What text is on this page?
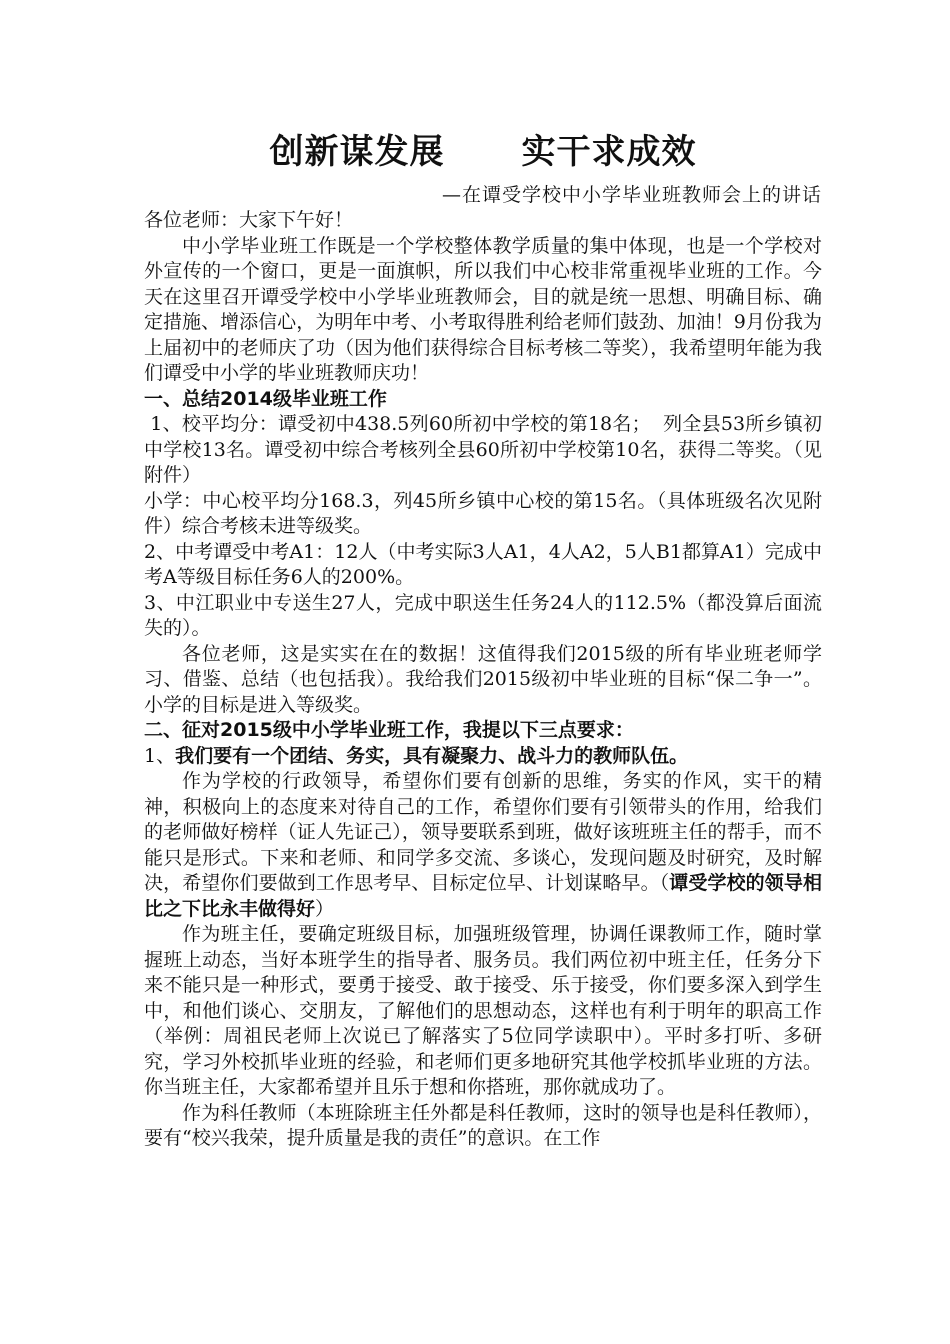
创新谋发展      实干求成效
—在谭受学校中小学毕业班教师会上的讲话

各位老师：大家下午好！

中小学毕业班工作既是一个学校整体教学质量的集中体现，也是一个学校对外宣传的一个窗口，更是一面旗帜，所以我们中心校非常重视毕业班的工作。今天在这里召开谭受学校中小学毕业班教师会，目的就是统一思想、明确目标、确定措施、增添信心，为明年中考、小考取得胜利给老师们鼓劲、加油！9月份我为上届初中的老师庆了功（因为他们获得综合目标考核二等奖），我希望明年能为我们谭受中小学的毕业班教师庆功！

一、总结2014级毕业班工作

1、校平均分：谭受初中438.5列60所初中学校的第18名；  列全县53所乡镇初中学校13名。谭受初中综合考核列全县60所初中学校第10名，获得二等奖。（见附件）

小学：中心校平均分168.3，列45所乡镇中心校的第15名。（具体班级名次见附件）综合考核未进等级奖。

2、中考谭受中考A1：12人（中考实际3人A1，4人A2，5人B1都算A1）完成中考A等级目标任务6人的200%。

3、中江职业中专送生27人，完成中职送生任务24人的112.5%（都没算后面流失的）。

各位老师，这是实实在在的数据！这值得我们2015级的所有毕业班老师学习、借鉴、总结（也包括我）。我给我们2015级初中毕业班的目标“保二争一”。小学的目标是进入等级奖。

二、征对2015级中小学毕业班工作，我提以下三点要求：

1、我们要有一个团结、务实，具有凝聚力、战斗力的教师队伍。

作为学校的行政领导，希望你们要有创新的思维，务实的作风，实干的精神，积极向上的态度来对待自己的工作，希望你们要有引领带头的作用，给我们的老师做好榜样（证人先证己），领导要联系到班，做好该班班主任的帮手，而不能只是形式。下来和老师、和同学多交流、多谈心，发现问题及时研究，及时解决，希望你们要做到工作思考早、目标定位早、计划谋略早。（谭受学校的领导相比之下比永丰做得好）

作为班主任，要确定班级目标，加强班级管理，协调任课教师工作，随时掌握班上动态，当好本班学生的指导者、服务员。我们两位初中班主任，任务分下来不能只是一种形式，要勇于接受、敢于接受、乐于接受，你们要多深入到学生中，和他们谈心、交朋友，了解他们的思想动态，这样也有利于明年的职高工作（举例：周祖民老师上次说已了解落实了5位同学读职中）。平时多打听、多研究，学习外校抓毕业班的经验，和老师们更多地研究其他学校抓毕业班的方法。你当班主任，大家都希望并且乐于想和你搭班，那你就成功了。

作为科任教师（本班除班主任外都是科任教师，这时的领导也是科任教师），要有“校兴我荣，提升质量是我的责任”的意识。在工作
